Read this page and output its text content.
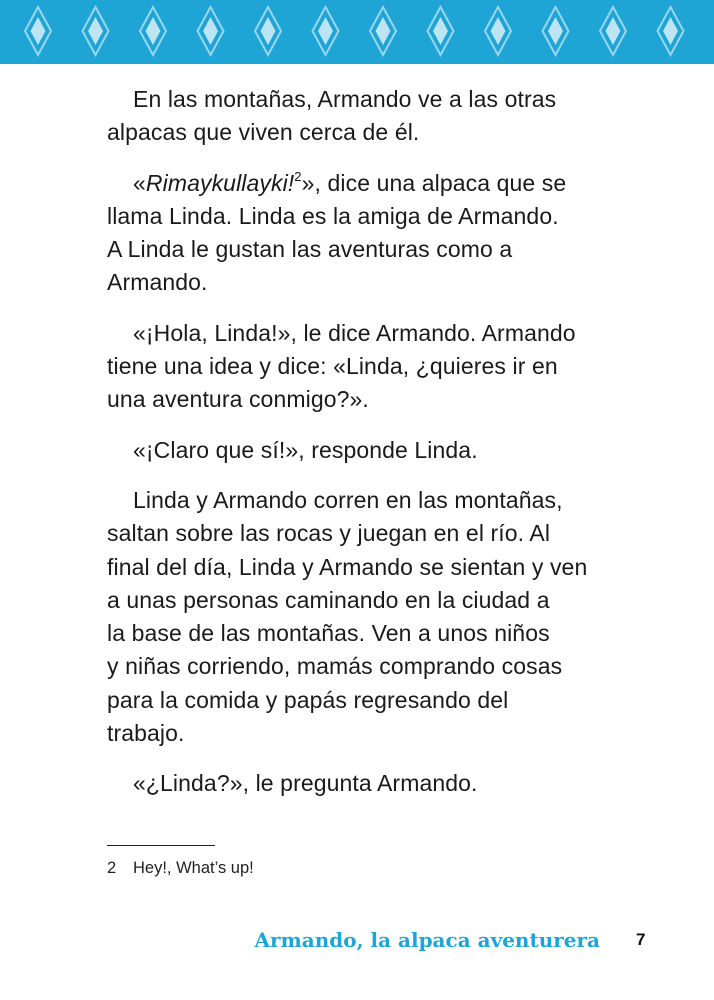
En las montañas, Armando ve a las otras
alpacas que viven cerca de él.
«Rimaykullayki!$^2$», dice una alpaca que se
llama Linda. Linda es la amiga de Armando.
A Linda le gustan las aventuras como a
Armando.
«¡Hola, Linda!», le dice Armando. Armando
tiene una idea y dice: «Linda, ¿quieres ir en
una aventura conmigo?».
«¡Claro que sí!», responde Linda.
Linda y Armando corren en las montañas,
saltan sobre las rocas y juegan en el río. Al
final del día, Linda y Armando se sientan y ven
a unas personas caminando en la ciudad a
la base de las montañas. Ven a unos niños
y niñas corriendo, mamás comprando cosas
para la comida y papás regresando del
trabajo.
«¿Linda?», le pregunta Armando.
2 Hey!, What’s up!
Armando, la alpaca aventurera 7
